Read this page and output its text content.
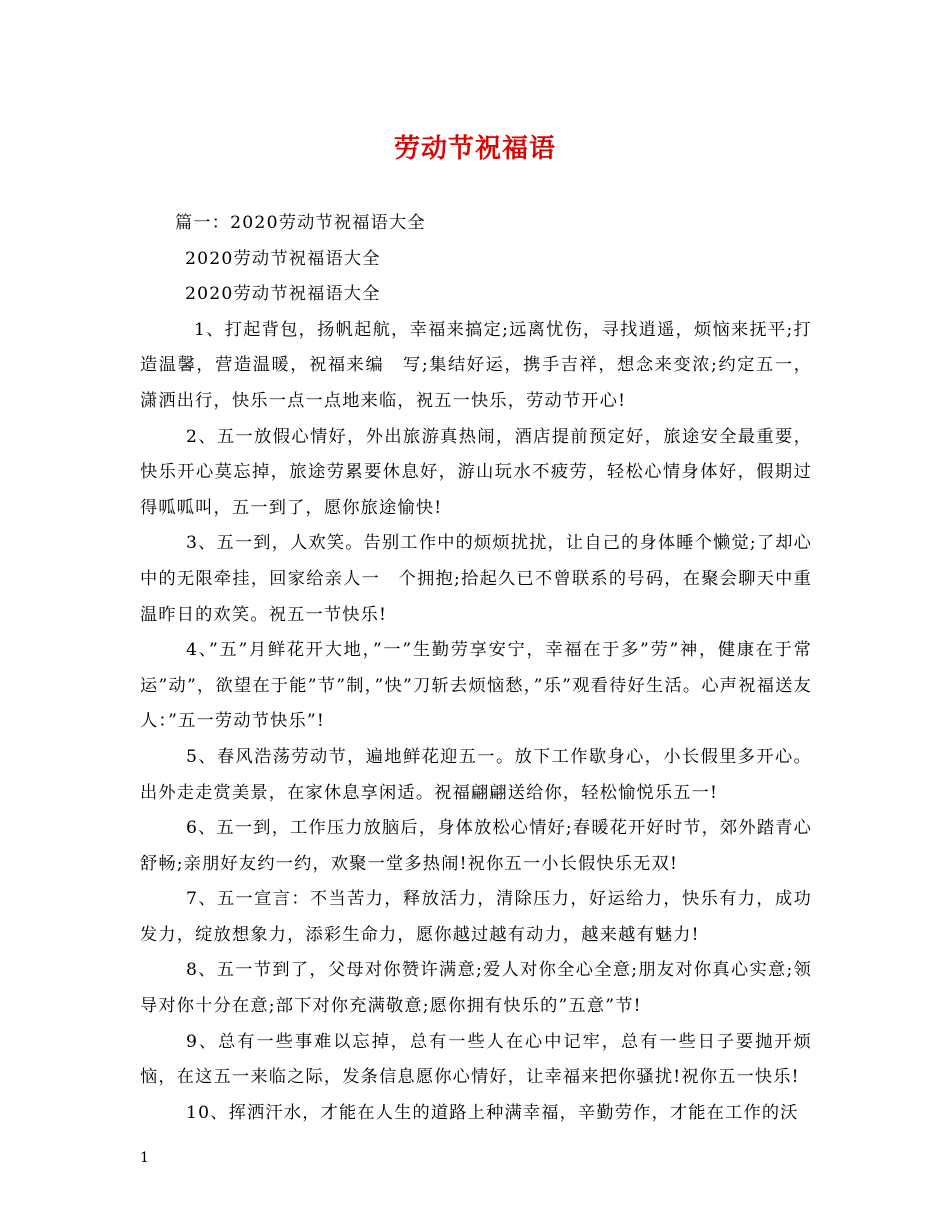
劳动节祝福语

篇一：2020劳动节祝福语大全

2020劳动节祝福语大全

2020劳动节祝福语大全

1、打起背包，扬帆起航，幸福来搞定;远离忧伤，寻找逍遥，烦恼来抚平;打造温馨，营造温暖，祝福来编　写;集结好运，携手吉祥，想念来变浓;约定五一，潇洒出行，快乐一点一点地来临，祝五一快乐，劳动节开心!

2、五一放假心情好，外出旅游真热闹，酒店提前预定好，旅途安全最重要，快乐开心莫忘掉，旅途劳累要休息好，游山玩水不疲劳，轻松心情身体好，假期过得呱呱叫，五一到了，愿你旅途愉快!

3、五一到，人欢笑。告别工作中的烦烦扰扰，让自己的身体睡个懒觉;了却心中的无限牵挂，回家给亲人一　个拥抱;拾起久已不曾联系的号码，在聚会聊天中重温昨日的欢笑。祝五一节快乐!

4、”五”月鲜花开大地，”一”生勤劳享安宁，幸福在于多”劳”神，健康在于常运”动”，欲望在于能”节”制，”快”刀斩去烦恼愁，”乐”观看待好生活。心声祝福送友人：”五一劳动节快乐”!

5、春风浩荡劳动节，遍地鲜花迎五一。放下工作歇身心，小长假里多开心。出外走走赏美景，在家休息享闲适。祝福翩翩送给你，轻松愉悦乐五一!

6、五一到，工作压力放脑后，身体放松心情好;春暖花开好时节，郊外踏青心舒畅;亲朋好友约一约，欢聚一堂多热闹!祝你五一小长假快乐无双!

7、五一宣言：不当苦力，释放活力，清除压力，好运给力，快乐有力，成功发力，绽放想象力，添彩生命力，愿你越过越有动力，越来越有魅力!

8、五一节到了，父母对你赞许满意;爱人对你全心全意;朋友对你真心实意;领导对你十分在意;部下对你充满敬意;愿你拥有快乐的”五意”节!

9、总有一些事难以忘掉，总有一些人在心中记牢，总有一些日子要抛开烦恼，在这五一来临之际，发条信息愿你心情好，让幸福来把你骚扰!祝你五一快乐!

10、挥洒汗水，才能在人生的道路上种满幸福，辛勤劳作，才能在工作的沃

1
